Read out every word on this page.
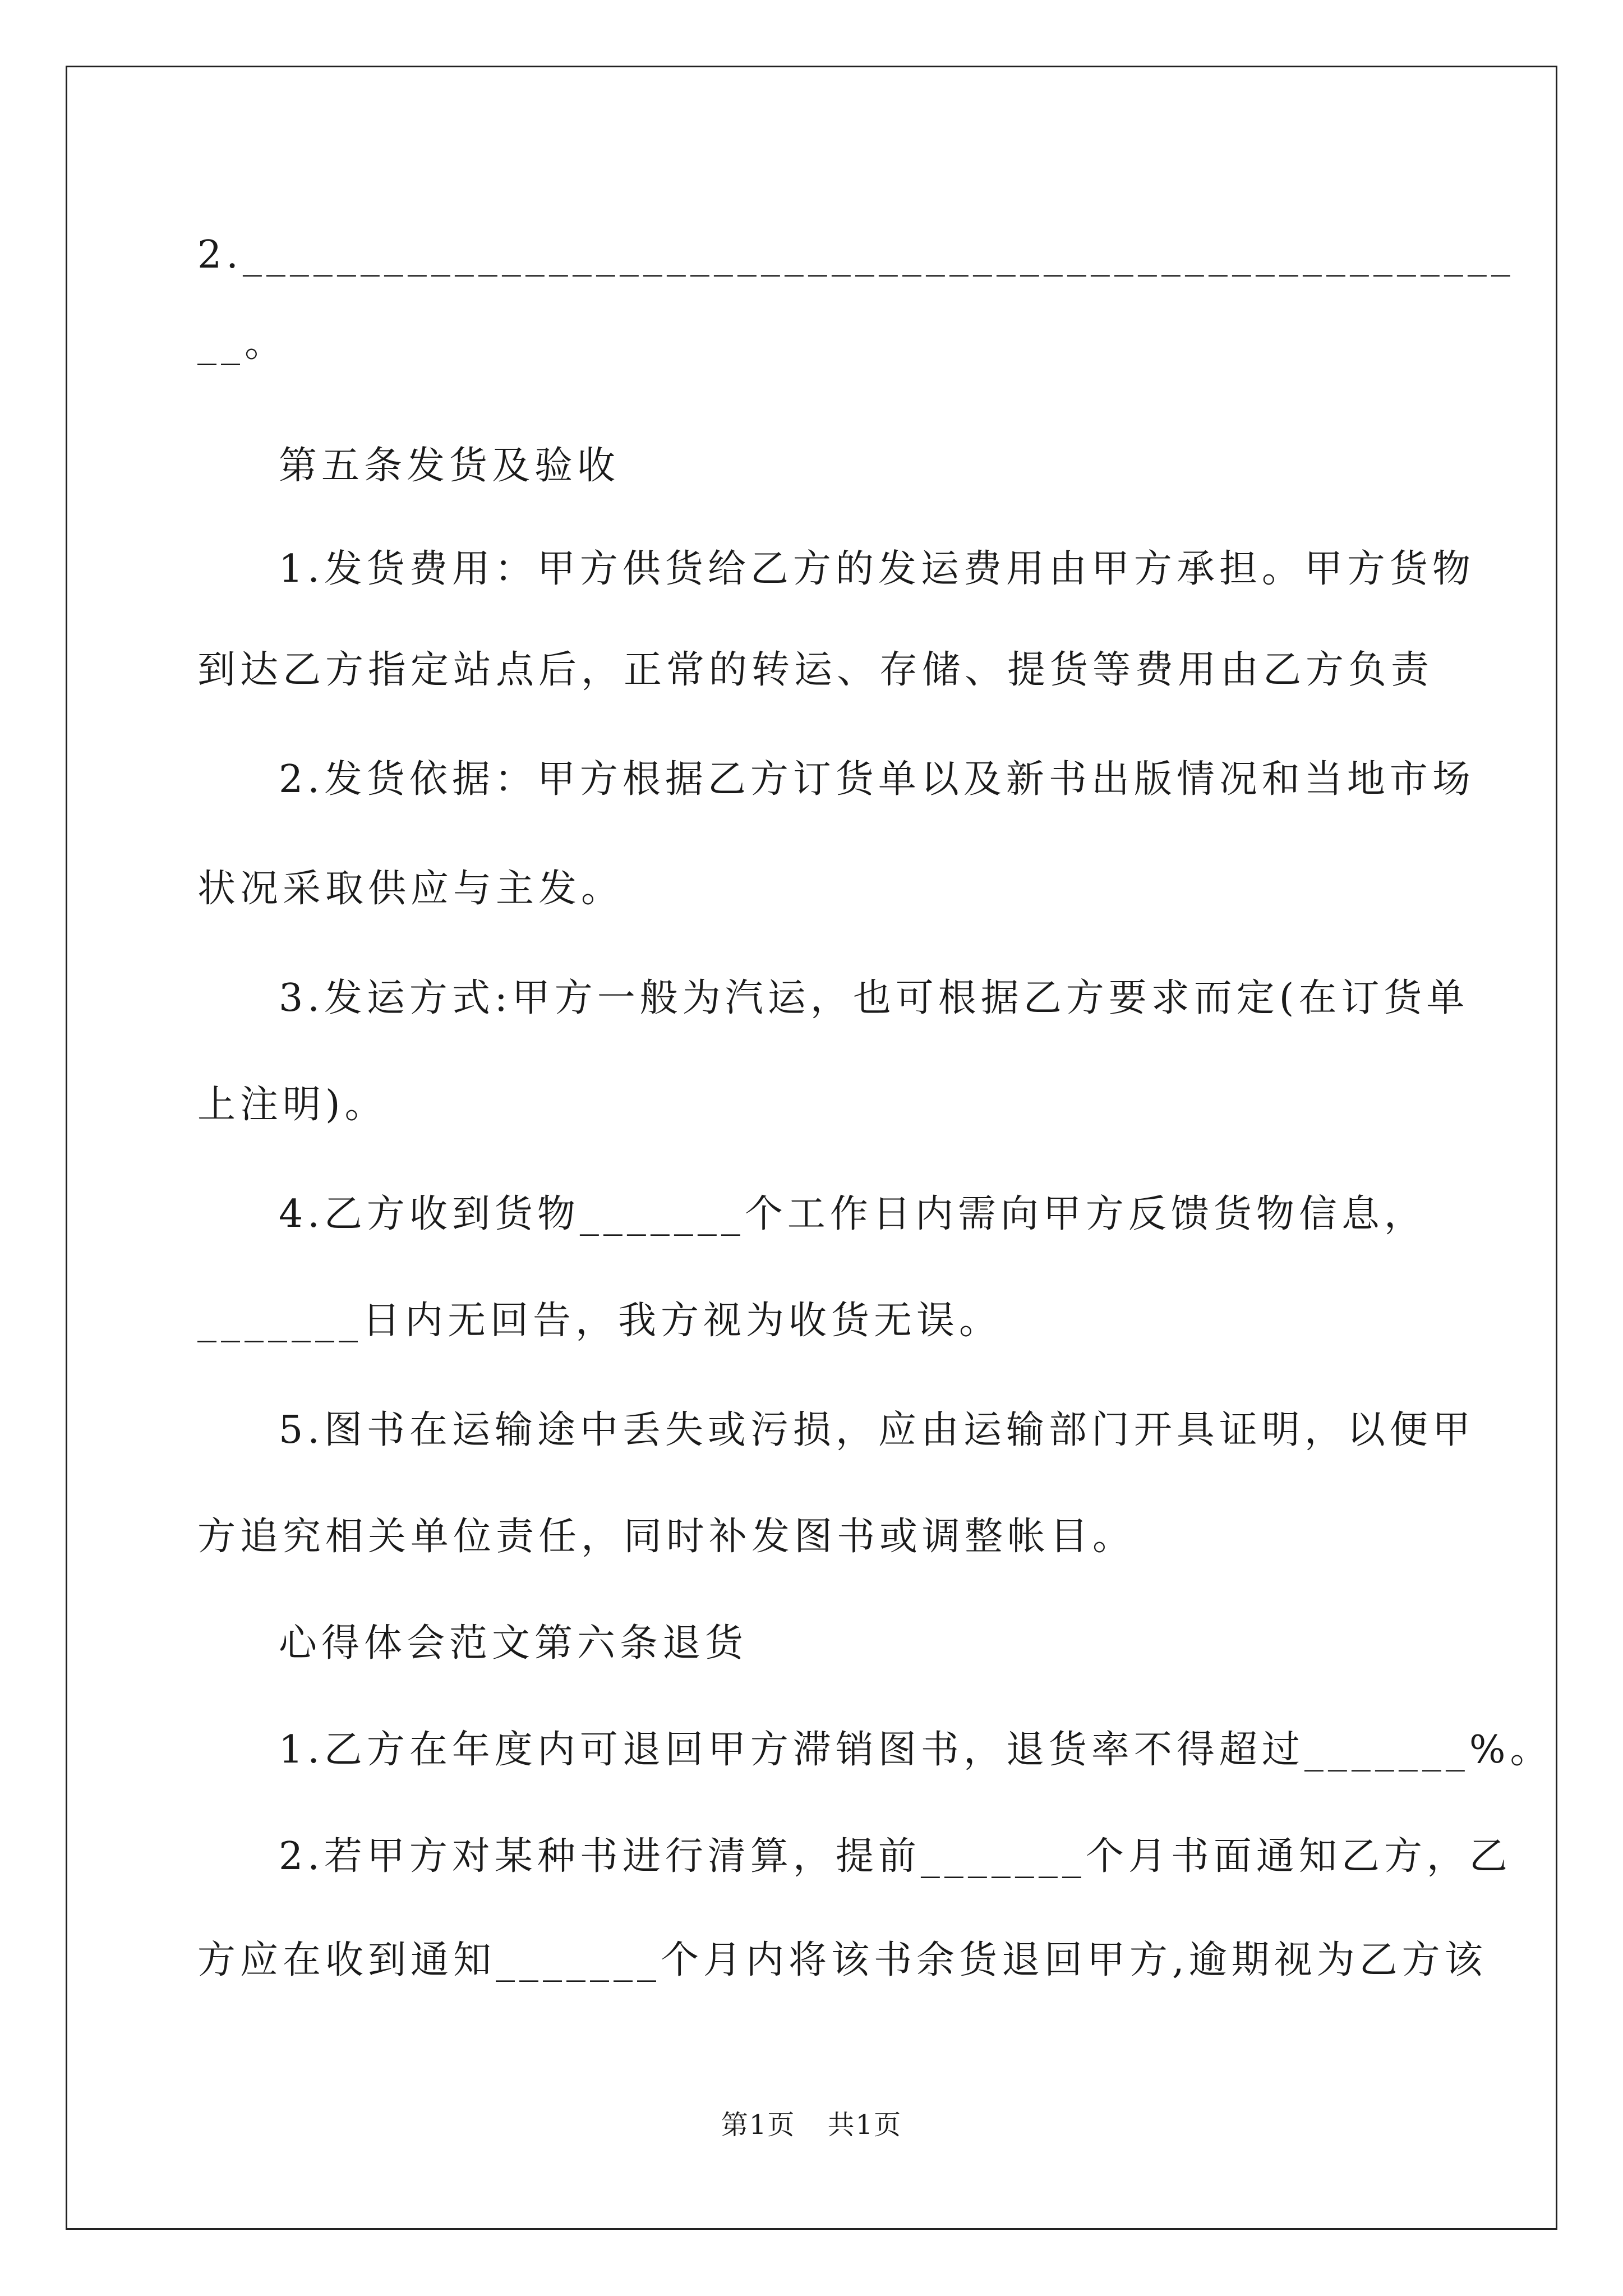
2.______________________________________________________
__。
第五条发货及验收
1.发货费用：甲方供货给乙方的发运费用由甲方承担。甲方货物
到达乙方指定站点后，正常的转运、存储、提货等费用由乙方负责
2.发货依据：甲方根据乙方订货单以及新书出版情况和当地市场
状况采取供应与主发。
3.发运方式:甲方一般为汽运，也可根据乙方要求而定(在订货单
上注明)。
4.乙方收到货物_______个工作日内需向甲方反馈货物信息，
_______日内无回告，我方视为收货无误。
5.图书在运输途中丢失或污损，应由运输部门开具证明，以便甲
方追究相关单位责任，同时补发图书或调整帐目。
心得体会范文第六条退货
1.乙方在年度内可退回甲方滞销图书，退货率不得超过_______%。
2.若甲方对某种书进行清算，提前_______个月书面通知乙方，乙
方应在收到通知_______个月内将该书余货退回甲方,逾期视为乙方该
第1页 共1页
